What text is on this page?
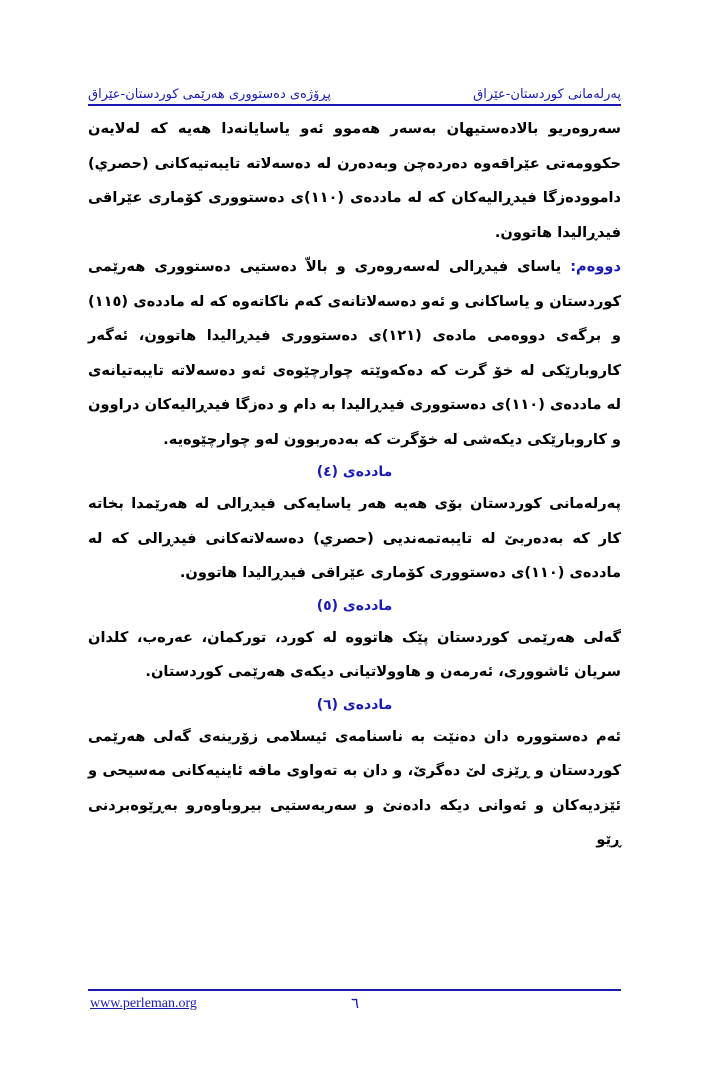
پەرلەمانی کوردستان-عێراق
پڕۆژەی دەستووری هەرێمی کوردستان-عێراق

سەروەریو بالادەستیهان بەسەر هەموو ئەو یاسایانەدا هەیە کە لەلایەن حکوومەتی عێراقەوە دەردەچن وبەدەرن لە دەسەلاتە تایبەتیەکانی (حصري) داموودەزگا فیدڕالیەکان کە لە ماددەی (١١٠)ی دەستووری کۆماری عێراقی فیدڕالیدا هاتوون.

دووەم: یاسای فیدڕالی لەسەروەری و بالاّ دەستیی دەستووری هەرێمی کوردستان و یاساکانی و ئەو دەسەلاتانەی کەم ناکاتەوە کە لە ماددەی (١١٥) و برگەی دووەمی مادەی (١٢١)ی دەستووری فیدڕالیدا هاتوون، ئەگەر کاروبارێکی لە خۆ گرت کە دەکەوێتە چوارچێوەی ئەو دەسەلاتە تایبەتیانەی لە ماددەی (١١٠)ی دەستووری فیدڕالیدا بە دام و دەزگا فیدڕالیەکان دراوون و کاروبارێکی دیکەشی لە خۆگرت کە بەدەربوون لەو چوارچێوەیە.

ماددەی (٤)

پەرلەمانی کوردستان بۆی هەیە هەر یاسایەکی فیدڕالی لە هەرێمدا بخاتە کار کە بەدەربێ لە تایبەتمەندیی (حصري) دەسەلاتەکانی فیدڕالی کە لە ماددەی (١١٠)ی دەستووری کۆماری عێراقی فیدڕالیدا هاتوون.

ماددەی (٥)

گەلی هەرێمی کوردستان پێک هاتووە لە کورد، تورکمان، عەرەب، کلدان سریان ئاشووری، ئەرمەن و هاوولاتیانی دیکەی هەرێمی کوردستان.

ماددەی (٦)

ئەم دەستوورە دان دەنێت بە ناسنامەی ئیسلامی زۆرینەی گەلی هەرێمی کوردستان و ڕێزی لێ دەگرێ، و دان بە تەواوی مافە ئاینیەکانی مەسیحی و ئێزدیەکان و ئەوانی دیکە دادەنێ و سەربەستیی بیروباوەرو بەڕێوەبردنی ڕێو

www.perleman.org	٦
